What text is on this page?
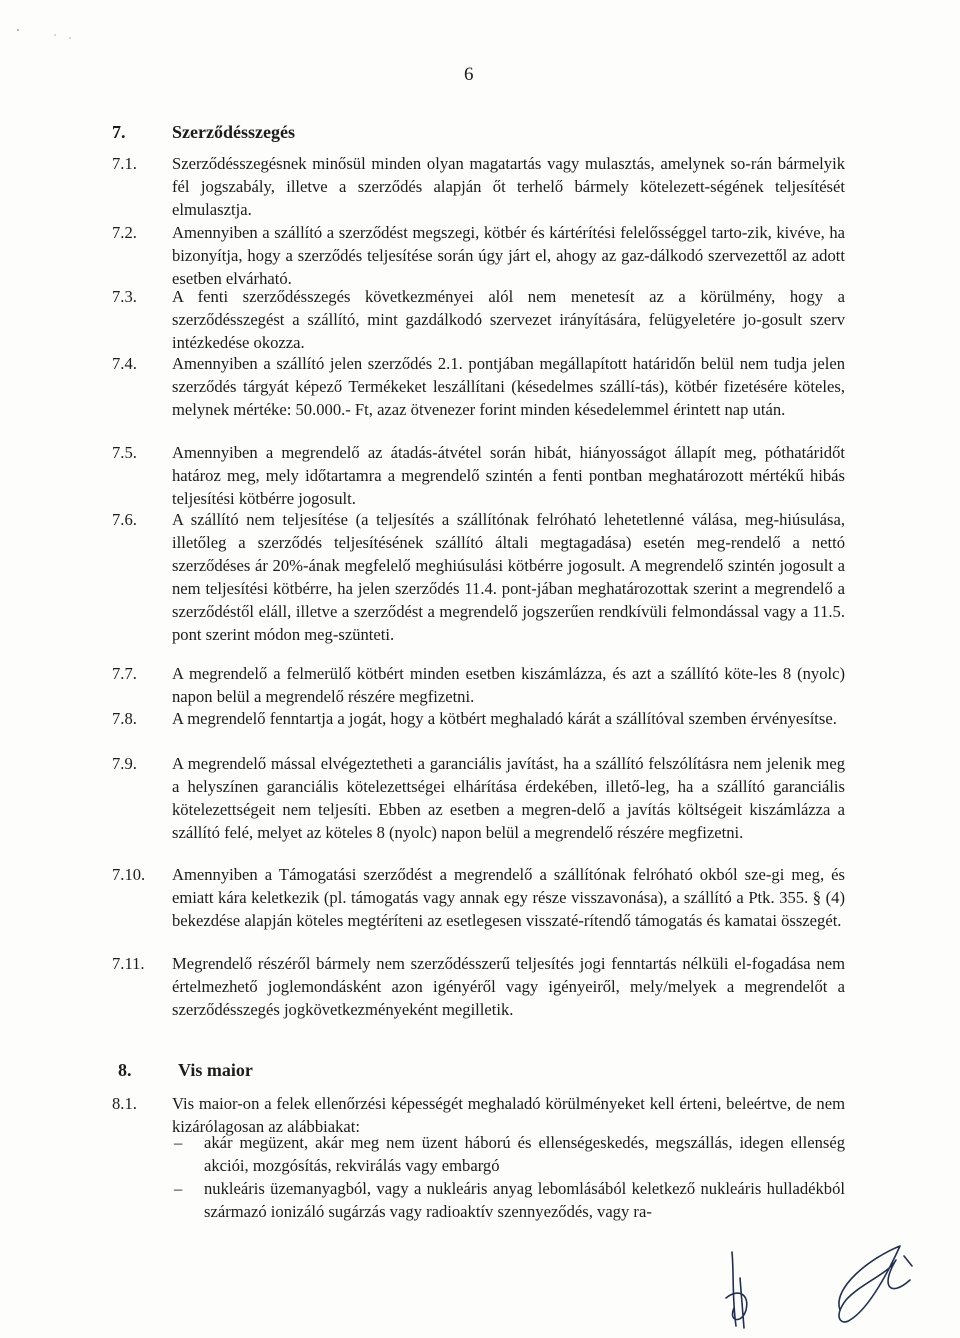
6
7.	Szerződésszegés
7.1. Szerződésszegésnek minősül minden olyan magatartás vagy mulasztás, amelynek so-rán bármelyik fél jogszabály, illetve a szerződés alapján őt terhelő bármely kötelezett-ségének teljesítését elmulasztja.
7.2. Amennyiben a szállító a szerződést megszegi, kötbér és kártérítési felelősséggel tarto-zik, kivéve, ha bizonyítja, hogy a szerződés teljesítése során úgy járt el, ahogy az gaz-dálkodó szervezettől az adott esetben elvárható.
7.3. A fenti szerződésszegés következményei alól nem menetesít az a körülmény, hogy a szerződésszegést a szállító, mint gazdálkodó szervezet irányítására, felügyeletére jo-gosult szerv intézkedése okozza.
7.4. Amennyiben a szállító jelen szerződés 2.1. pontjában megállapított határidőn belül nem tudja jelen szerződés tárgyát képező Termékeket leszállítani (késedelmes szállí-tás), kötbér fizetésére köteles, melynek mértéke: 50.000.- Ft, azaz ötvenezer forint minden késedelemmel érintett nap után.
7.5. Amennyiben a megrendelő az átadás-átvétel során hibát, hiányosságot állapít meg, póthatáridőt határoz meg, mely időtartamra a megrendelő szintén a fenti pontban meghatározott mértékű hibás teljesítési kötbérre jogosult.
7.6. A szállító nem teljesítése (a teljesítés a szállítónak felróható lehetetlenné válása, meg-hiúsulása, illetőleg a szerződés teljesítésének szállító általi megtagadása) esetén meg-rendelő a nettó szerződéses ár 20%-ának megfelelő meghiúsulási kötbérre jogosult. A megrendelő szintén jogosult a nem teljesítési kötbérre, ha jelen szerződés 11.4. pont-jában meghatározottak szerint a megrendelő a szerződéstől eláll, illetve a szerződést a megrendelő jogszerűen rendkívüli felmondással vagy a 11.5. pont szerint módon meg-szünteti.
7.7. A megrendelő a felmerülő kötbért minden esetben kiszámlázza, és azt a szállító köte-les 8 (nyolc) napon belül a megrendelő részére megfizetni.
7.8. A megrendelő fenntartja a jogát, hogy a kötbért meghaladó kárát a szállítóval szemben érvényesítse.
7.9. A megrendelő mással elvégeztetheti a garanciális javítást, ha a szállító felszólításra nem jelenik meg a helyszínen garanciális kötelezettségei elhárítása érdekében, illető-leg, ha a szállító garanciális kötelezettségeit nem teljesíti. Ebben az esetben a megren-delő a javítás költségeit kiszámlázza a szállító felé, melyet az köteles 8 (nyolc) napon belül a megrendelő részére megfizetni.
7.10. Amennyiben a Támogatási szerződést a megrendelő a szállítónak felróható okból sze-gi meg, és emiatt kára keletkezik (pl. támogatás vagy annak egy része visszavonása), a szállító a Ptk. 355. § (4) bekezdése alapján köteles megtéríteni az esetlegesen visszaté-rítendő támogatás és kamatai összegét.
7.11. Megrendelő részéről bármely nem szerződésszerű teljesítés jogi fenntartás nélküli el-fogadása nem értelmezhető joglemondásként azon igényéről vagy igényeiről, mely/melyek a megrendelőt a szerződésszegés jogkövetkezményeként megilletik.
8.	Vis maior
8.1. Vis maior-on a felek ellenőrzési képességét meghaladó körülményeket kell érteni, beleértve, de nem kizárólagosan az alábbiakat:
– akár megüzent, akár meg nem üzent háború és ellenségeskedés, megszállás, idegen ellenség akciói, mozgósítás, rekvirálás vagy embargó
– nukleáris üzemanyagból, vagy a nukleáris anyag lebomlásából keletkező nukleáris hulladékból származó ionizáló sugárzás vagy radioaktív szennyeződés, vagy ra-
